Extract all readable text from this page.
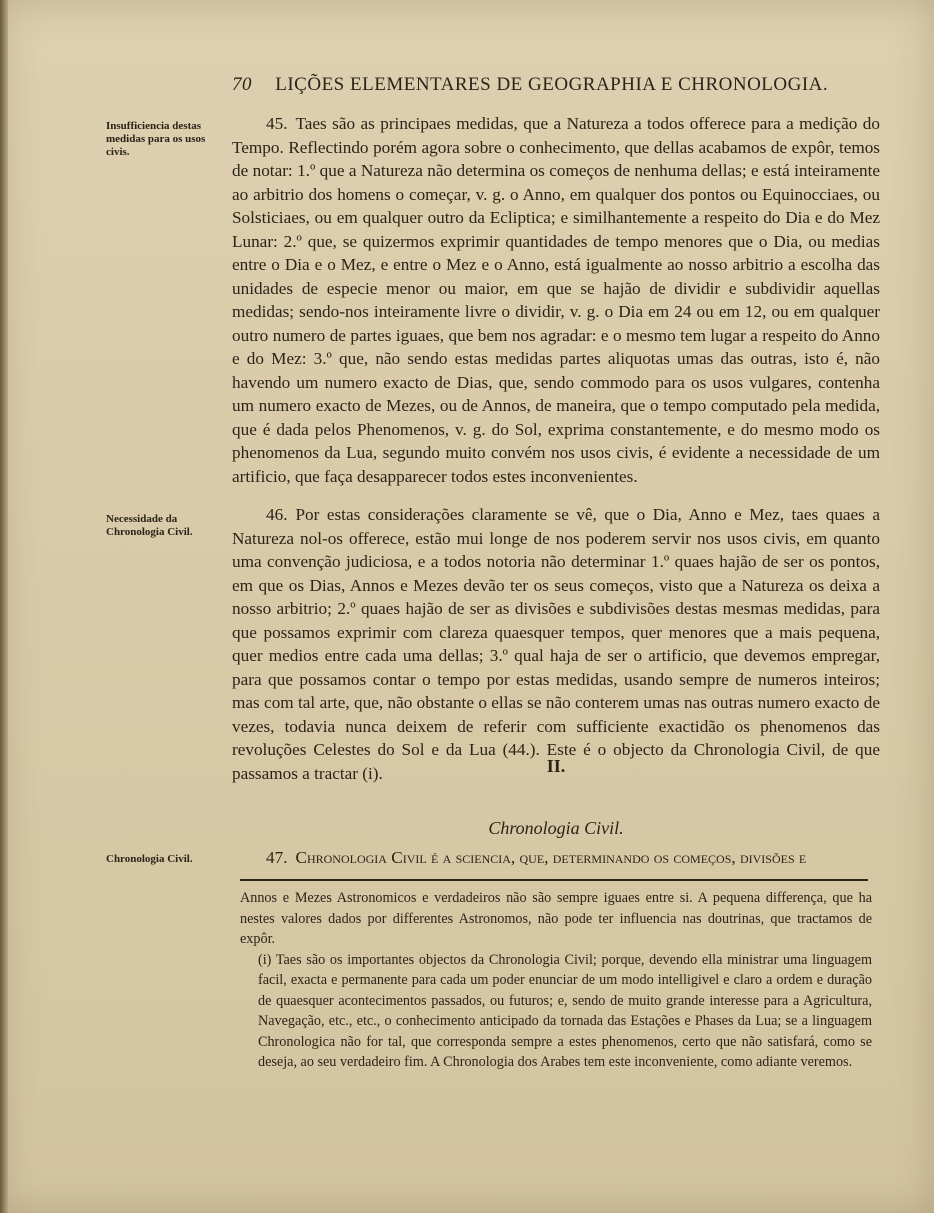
70 LIÇÕES ELEMENTARES DE GEOGRAPHIA E CHRONOLOGIA.
Insufficiencia destas medidas para os usos civis.
Necessidade da Chronologia Civil.
Chronologia Civil.
45. Taes são as principaes medidas, que a Natureza a todos offerece para a medição do Tempo. Reflectindo porém agora sobre o conhecimento, que dellas acabamos de expôr, temos de notar: 1.º que a Natureza não determina os começos de nenhuma dellas; e está inteiramente ao arbitrio dos homens o começar, v. g. o Anno, em qualquer dos pontos ou Equinocciaes, ou Solsticiaes, ou em qualquer outro da Ecliptica; e similhantemente a respeito do Dia e do Mez Lunar: 2.º que, se quizermos exprimir quantidades de tempo menores que o Dia, ou medias entre o Dia e o Mez, e entre o Mez e o Anno, está igualmente ao nosso arbitrio a escolha das unidades de especie menor ou maior, em que se hajão de dividir e subdividir aquellas medidas; sendo-nos inteiramente livre o dividir, v. g. o Dia em 24 ou em 12, ou em qualquer outro numero de partes iguaes, que bem nos agradar: e o mesmo tem lugar a respeito do Anno e do Mez: 3.º que, não sendo estas medidas partes aliquotas umas das outras, isto é, não havendo um numero exacto de Dias, que, sendo commodo para os usos vulgares, contenha um numero exacto de Mezes, ou de Annos, de maneira, que o tempo computado pela medida, que é dada pelos Phenomenos, v. g. do Sol, exprima constantemente, e do mesmo modo os phenomenos da Lua, segundo muito convém nos usos civis, é evidente a necessidade de um artificio, que faça desapparecer todos estes inconvenientes.
46. Por estas considerações claramente se vê, que o Dia, Anno e Mez, taes quaes a Natureza nol-os offerece, estão mui longe de nos poderem servir nos usos civis, em quanto uma convenção judiciosa, e a todos notoria não determinar 1.º quaes hajão de ser os pontos, em que os Dias, Annos e Mezes devão ter os seus começos, visto que a Natureza os deixa a nosso arbitrio; 2.º quaes hajão de ser as divisões e subdivisões destas mesmas medidas, para que possamos exprimir com clareza quaesquer tempos, quer menores que a mais pequena, quer medios entre cada uma dellas; 3.º qual haja de ser o artificio, que devemos empregar, para que possamos contar o tempo por estas medidas, usando sempre de numeros inteiros; mas com tal arte, que, não obstante o ellas se não conterem umas nas outras numero exacto de vezes, todavia nunca deixem de referir com sufficiente exactidão os phenomenos das revoluções Celestes do Sol e da Lua (44.). Este é o objecto da Chronologia Civil, de que passamos a tractar (i).	II.
Chronologia Civil.
47. Chronologia Civil é a sciencia, que, determinando os começos, divisões e
Annos e Mezes Astronomicos e verdadeiros não são sempre iguaes entre si. A pequena differença, que ha nestes valores dados por differentes Astronomos, não pode ter influencia nas doutrinas, que tractamos de expôr.
(i) Taes são os importantes objectos da Chronologia Civil; porque, devendo ella ministrar uma linguagem facil, exacta e permanente para cada um poder enunciar de um modo intelligivel e claro a ordem e duração de quaesquer acontecimentos passados, ou futuros; e, sendo de muito grande interesse para a Agricultura, Navegação, etc., etc., o conhecimento anticipado da tornada das Estações e Phases da Lua; se a linguagem Chronologica não for tal, que corresponda sempre a estes phenomenos, certo que não satisfará, como se deseja, ao seu verdadeiro fim. A Chronologia dos Arabes tem este inconveniente, como adiante veremos.
